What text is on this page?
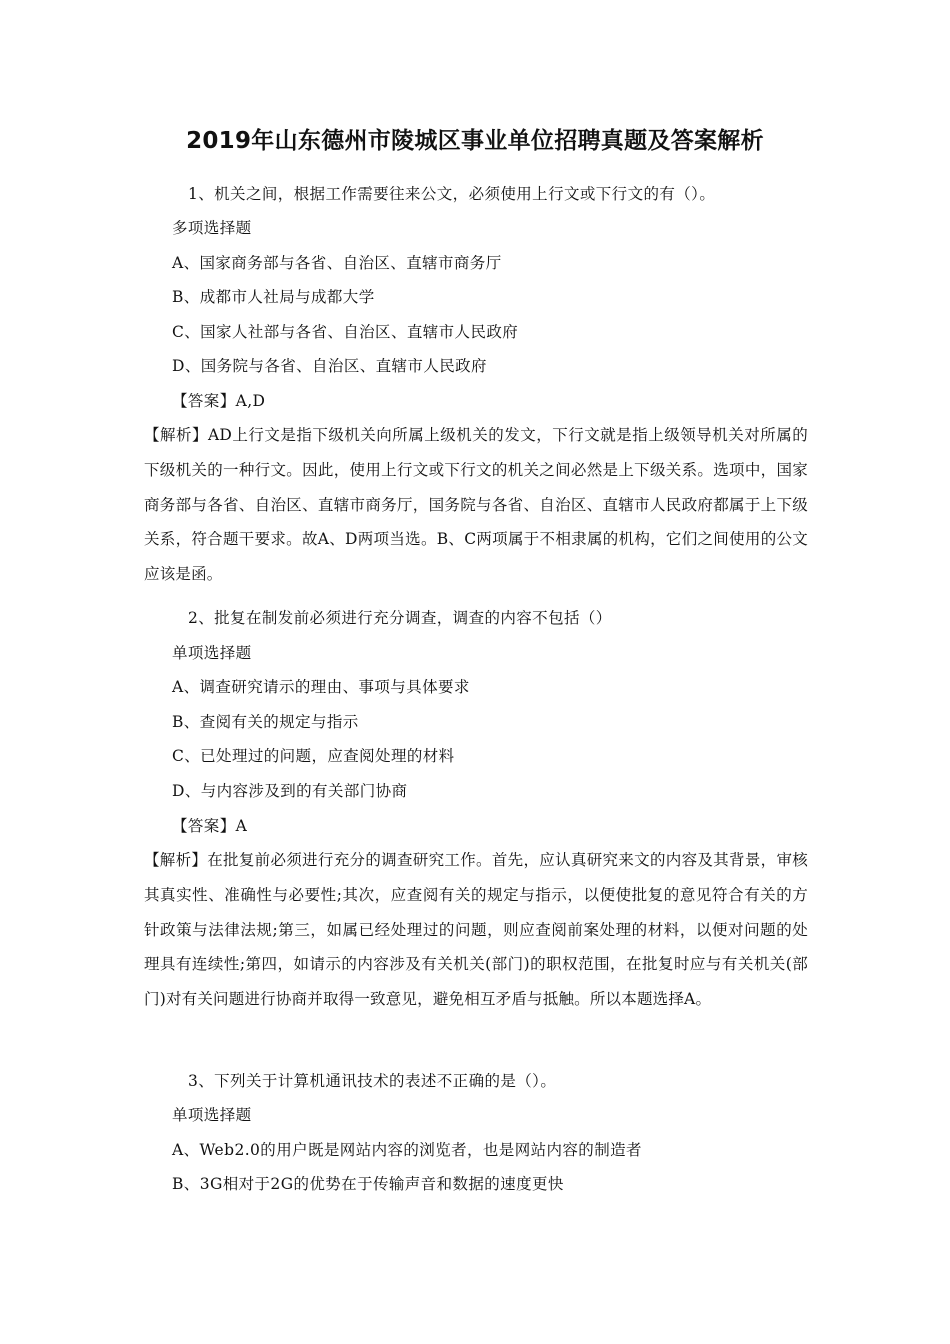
2019年山东德州市陵城区事业单位招聘真题及答案解析
1、机关之间，根据工作需要往来公文，必须使用上行文或下行文的有（）。
多项选择题
A、国家商务部与各省、自治区、直辖市商务厅
B、成都市人社局与成都大学
C、国家人社部与各省、自治区、直辖市人民政府
D、国务院与各省、自治区、直辖市人民政府
【答案】A,D
【解析】AD上行文是指下级机关向所属上级机关的发文，下行文就是指上级领导机关对所属的下级机关的一种行文。因此，使用上行文或下行文的机关之间必然是上下级关系。选项中，国家商务部与各省、自治区、直辖市商务厅，国务院与各省、自治区、直辖市人民政府都属于上下级关系，符合题干要求。故A、D两项当选。B、C两项属于不相隶属的机构，它们之间使用的公文应该是函。
2、批复在制发前必须进行充分调查，调查的内容不包括（）
单项选择题
A、调查研究请示的理由、事项与具体要求
B、查阅有关的规定与指示
C、已处理过的问题，应查阅处理的材料
D、与内容涉及到的有关部门协商
【答案】A
【解析】在批复前必须进行充分的调查研究工作。首先，应认真研究来文的内容及其背景，审核其真实性、准确性与必要性;其次，应查阅有关的规定与指示，以便使批复的意见符合有关的方针政策与法律法规;第三，如属已经处理过的问题，则应查阅前案处理的材料，以便对问题的处理具有连续性;第四，如请示的内容涉及有关机关(部门)的职权范围，在批复时应与有关机关(部门)对有关问题进行协商并取得一致意见，避免相互矛盾与抵触。所以本题选择A。
3、下列关于计算机通讯技术的表述不正确的是（）。
单项选择题
A、Web2.0的用户既是网站内容的浏览者，也是网站内容的制造者
B、3G相对于2G的优势在于传输声音和数据的速度更快
